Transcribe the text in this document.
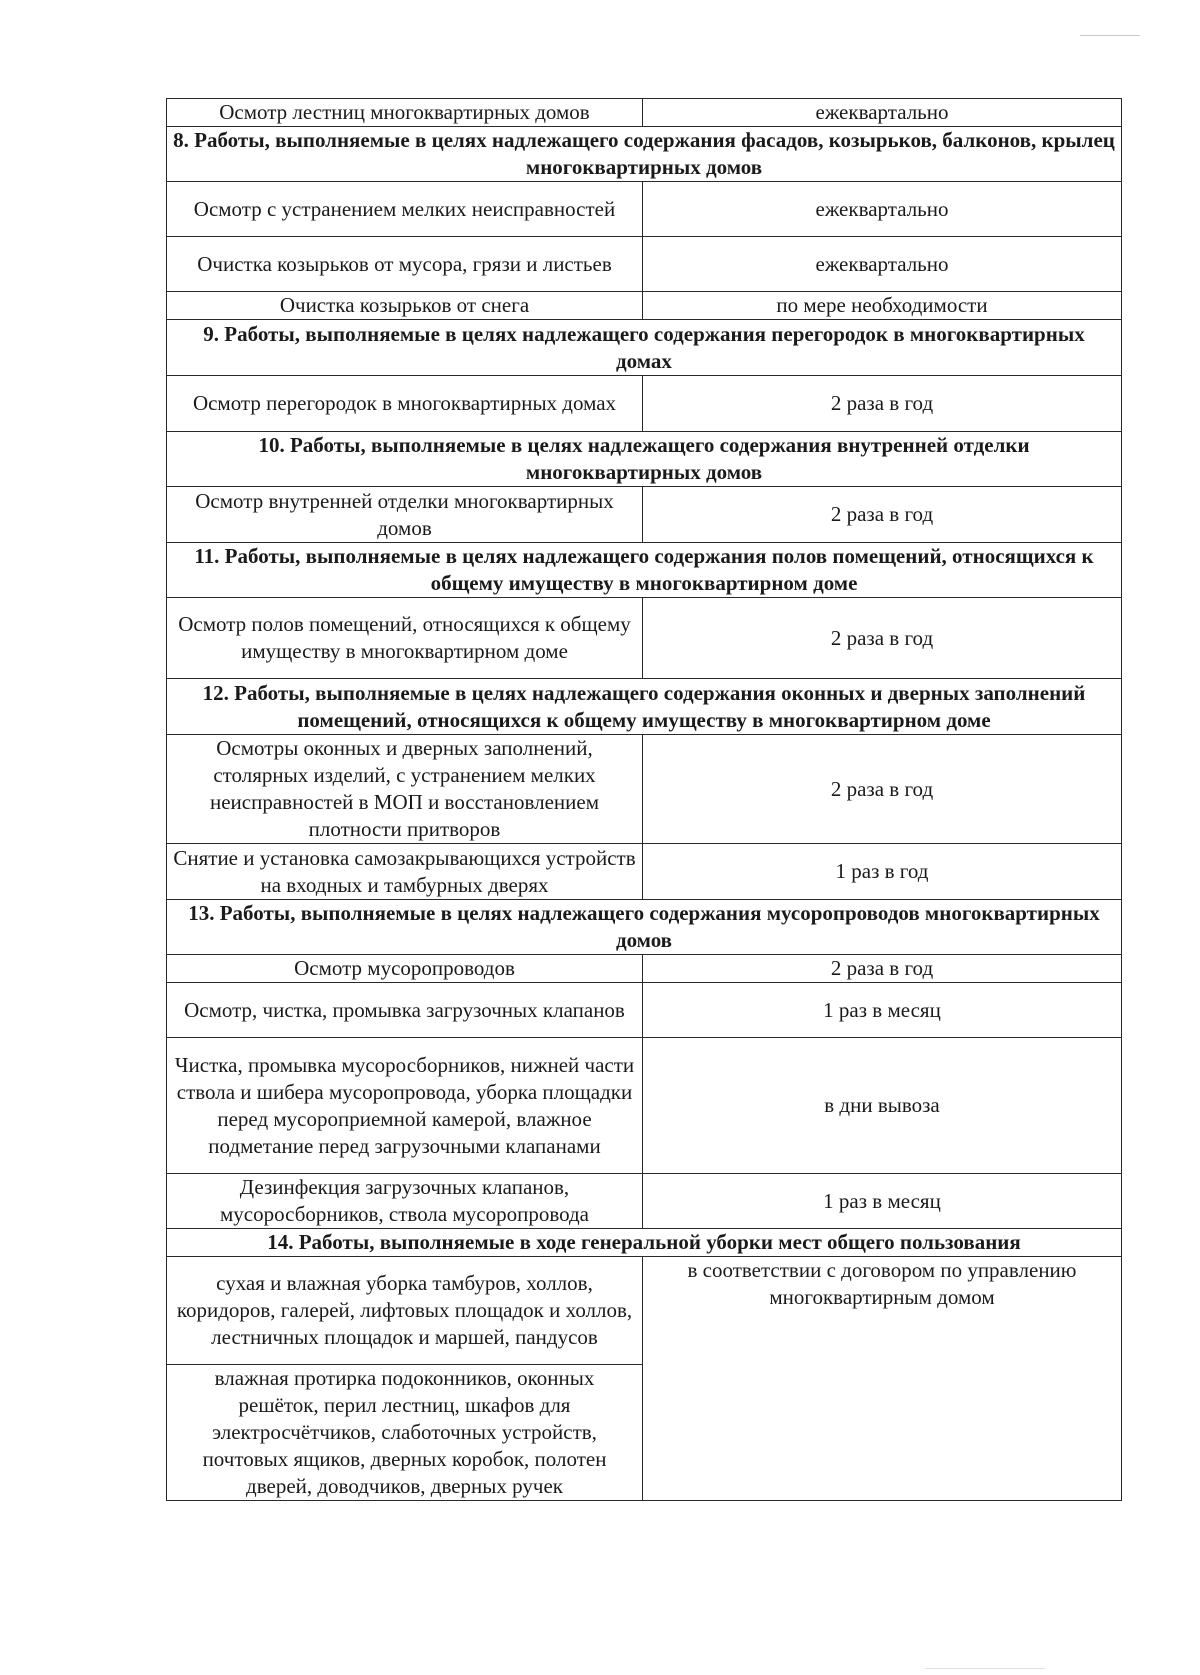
Осмотр лестниц многоквартирных домов	ежеквартально
8. Работы, выполняемые в целях надлежащего содержания фасадов, козырьков, балконов, крылец многоквартирных домов	
Осмотр с устранением мелких неисправностей	ежеквартально
Очистка козырьков от мусора, грязи и листьев	ежеквартально
Очистка козырьков от снега	по мере необходимости
9. Работы, выполняемые в целях надлежащего содержания перегородок в многоквартирных домах	
Осмотр перегородок в многоквартирных домах	2 раза в год
10. Работы, выполняемые в целях надлежащего содержания внутренней отделки многоквартирных домов	
Осмотр внутренней отделки многоквартирных домов	2 раза в год
11. Работы, выполняемые в целях надлежащего содержания полов помещений, относящихся к общему имуществу в многоквартирном доме	
Осмотр полов помещений, относящихся к общему имуществу в многоквартирном доме	2 раза в год
12. Работы, выполняемые в целях надлежащего содержания оконных и дверных заполнений помещений, относящихся к общему имуществу в многоквартирном доме	
Осмотры оконных и дверных заполнений, столярных изделий, с устранением мелких неисправностей в МОП и восстановлением плотности притворов	2 раза в год
Снятие и установка самозакрывающихся устройств на входных и тамбурных дверях	1 раз в год
13. Работы, выполняемые в целях надлежащего содержания мусоропроводов многоквартирных домов	
Осмотр мусоропроводов	2 раза в год
Осмотр, чистка, промывка загрузочных клапанов	1 раз в месяц
Чистка, промывка мусоросборников, нижней части ствола и шибера мусоропровода, уборка площадки перед мусороприемной камерой, влажное подметание перед загрузочными клапанами	в дни вывоза
Дезинфекция загрузочных клапанов, мусоросборников, ствола мусоропровода	1 раз в месяц
14. Работы, выполняемые в ходе генеральной уборки мест общего пользования	
сухая и влажная уборка тамбуров, холлов, коридоров, галерей, лифтовых площадок и холлов, лестничных площадок и маршей, пандусов	в соответствии с договором по управлению многоквартирным домом
влажная протирка подоконников, оконных решёток, перил лестниц, шкафов для электросчётчиков, слаботочных устройств, почтовых ящиков, дверных коробок, полотен дверей, доводчиков, дверных ручек	
